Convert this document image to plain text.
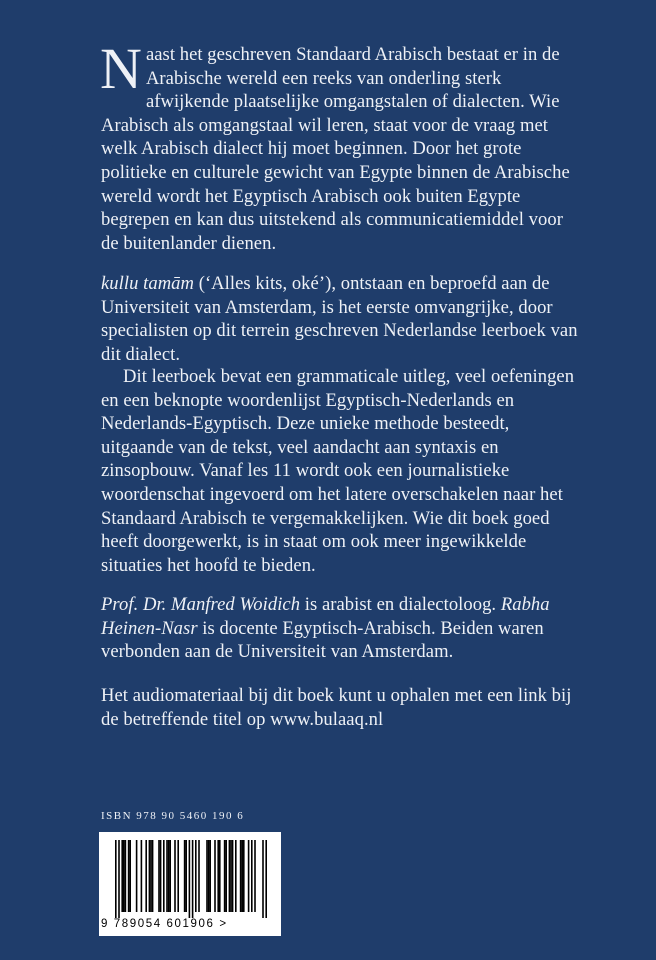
Naast het geschreven Standaard Arabisch bestaat er in de Arabische wereld een reeks van onderling sterk afwijkende plaatselijke omgangstalen of dialecten. Wie Arabisch als omgangstaal wil leren, staat voor de vraag met welk Arabisch dialect hij moet beginnen. Door het grote politieke en culturele gewicht van Egypte binnen de Arabische wereld wordt het Egyptisch Arabisch ook buiten Egypte begrepen en kan dus uitstekend als communicatiemiddel voor de buitenlander dienen.

kullu tamām (‘Alles kits, oké’), ontstaan en beproefd aan de Universiteit van Amsterdam, is het eerste omvangrijke, door specialisten op dit terrein geschreven Nederlandse leerboek van dit dialect.

Dit leerboek bevat een grammaticale uitleg, veel oefeningen en een beknopte woordenlijst Egyptisch-Nederlands en Nederlands-Egyptisch. Deze unieke methode besteedt, uitgaande van de tekst, veel aandacht aan syntaxis en zinsopbouw. Vanaf les 11 wordt ook een journalistieke woordenschat ingevoerd om het latere overschakelen naar het Standaard Arabisch te vergemakkelijken. Wie dit boek goed heeft doorgewerkt, is in staat om ook meer ingewikkelde situaties het hoofd te bieden.

Prof. Dr. Manfred Woidich is arabist en dialectoloog. Rabha Heinen-Nasr is docente Egyptisch-Arabisch. Beiden waren verbonden aan de Universiteit van Amsterdam.

Het audiomateriaal bij dit boek kunt u ophalen met een link bij de betreffende titel op www.bulaaq.nl

ISBN 978 90 5460 190 6
9 789054 601906 >
